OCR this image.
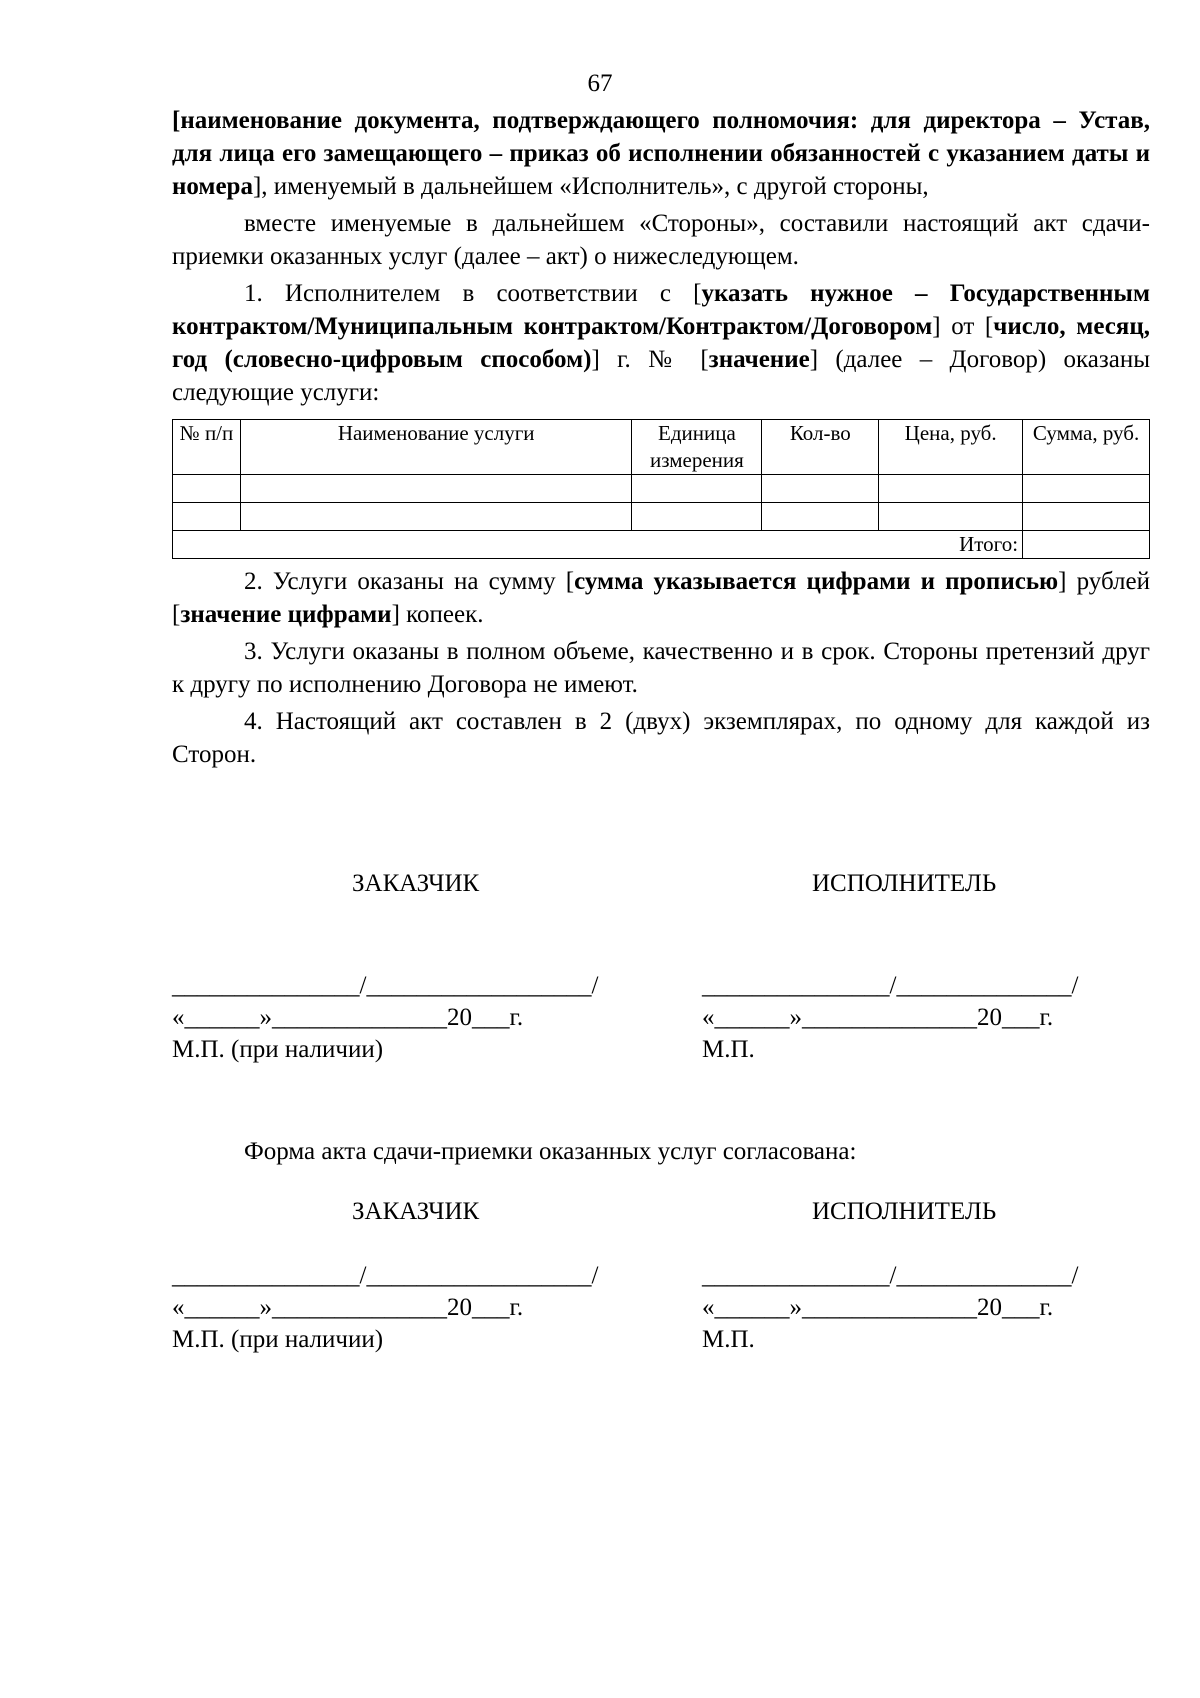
67

[наименование документа, подтверждающего полномочия: для директора – Устав, для лица его замещающего – приказ об исполнении обязанностей с указанием даты и номера], именуемый в дальнейшем «Исполнитель», с другой стороны,

вместе именуемые в дальнейшем «Стороны», составили настоящий акт сдачи-приемки оказанных услуг (далее – акт) о нижеследующем.

1. Исполнителем в соответствии с [указать нужное – Государственным контрактом/Муниципальным контрактом/Контрактом/Договором] от [число, месяц, год (словесно-цифровым способом)] г. № [значение] (далее – Договор) оказаны следующие услуги:

№ п/п	Наименование услуги	Единица измерения	Кол-во	Цена, руб.	Сумма, руб.

Итого:					

2. Услуги оказаны на сумму [сумма указывается цифрами и прописью] рублей [значение цифрами] копеек.

3. Услуги оказаны в полном объеме, качественно и в срок. Стороны претензий друг к другу по исполнению Договора не имеют.

4. Настоящий акт составлен в 2 (двух) экземплярах, по одному для каждой из Сторон.

ЗАКАЗЧИК	ИСПОЛНИТЕЛЬ
_______________/__________________/
«______»______________20___г.
М.П. (при наличии)
_______________/______________/
«______»______________20___г.
М.П.
Форма акта сдачи-приемки оказанных услуг согласована:
ЗАКАЗЧИК	ИСПОЛНИТЕЛЬ
_______________/__________________/
«______»______________20___г.
М.П. (при наличии)
_______________/______________/
«______»______________20___г.
М.П.
